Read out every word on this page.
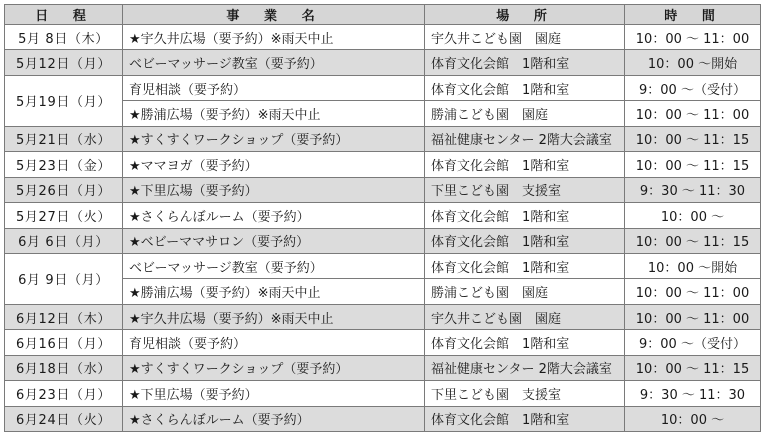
日　程	事　業　名	場　所	時　間
5月 8日（木）	★宇久井広場（要予約）※雨天中止	宇久井こども園　園庭	10：00 ～ 11：00
5月12日（月）	ベビーマッサージ教室（要予約）	体育文化会館　1階和室	10：00 ～開始
5月19日（月）	育児相談（要予約）	体育文化会館　1階和室	9：00 ～（受付）
	★勝浦広場（要予約）※雨天中止	勝浦こども園　園庭	10：00 ～ 11：00
5月21日（水）	★すくすくワークショップ（要予約）	福祉健康センター 2階大会議室	10：00 ～ 11：15
5月23日（金）	★ママヨガ（要予約）	体育文化会館　1階和室	10：00 ～ 11：15
5月26日（月）	★下里広場（要予約）	下里こども園　支援室	9：30 ～ 11：30
5月27日（火）	★さくらんぼルーム（要予約）	体育文化会館　1階和室	10：00 ～
6月 6日（月）	★ベビーママサロン（要予約）	体育文化会館　1階和室	10：00 ～ 11：15
6月 9日（月）	ベビーマッサージ教室（要予約）	体育文化会館　1階和室	10：00 ～開始
	★勝浦広場（要予約）※雨天中止	勝浦こども園　園庭	10：00 ～ 11：00
6月12日（木）	★宇久井広場（要予約）※雨天中止	宇久井こども園　園庭	10：00 ～ 11：00
6月16日（月）	育児相談（要予約）	体育文化会館　1階和室	9：00 ～（受付）
6月18日（水）	★すくすくワークショップ（要予約）	福祉健康センター 2階大会議室	10：00 ～ 11：15
6月23日（月）	★下里広場（要予約）	下里こども園　支援室	9：30 ～ 11：30
6月24日（火）	★さくらんぼルーム（要予約）	体育文化会館　1階和室	10：00 ～
